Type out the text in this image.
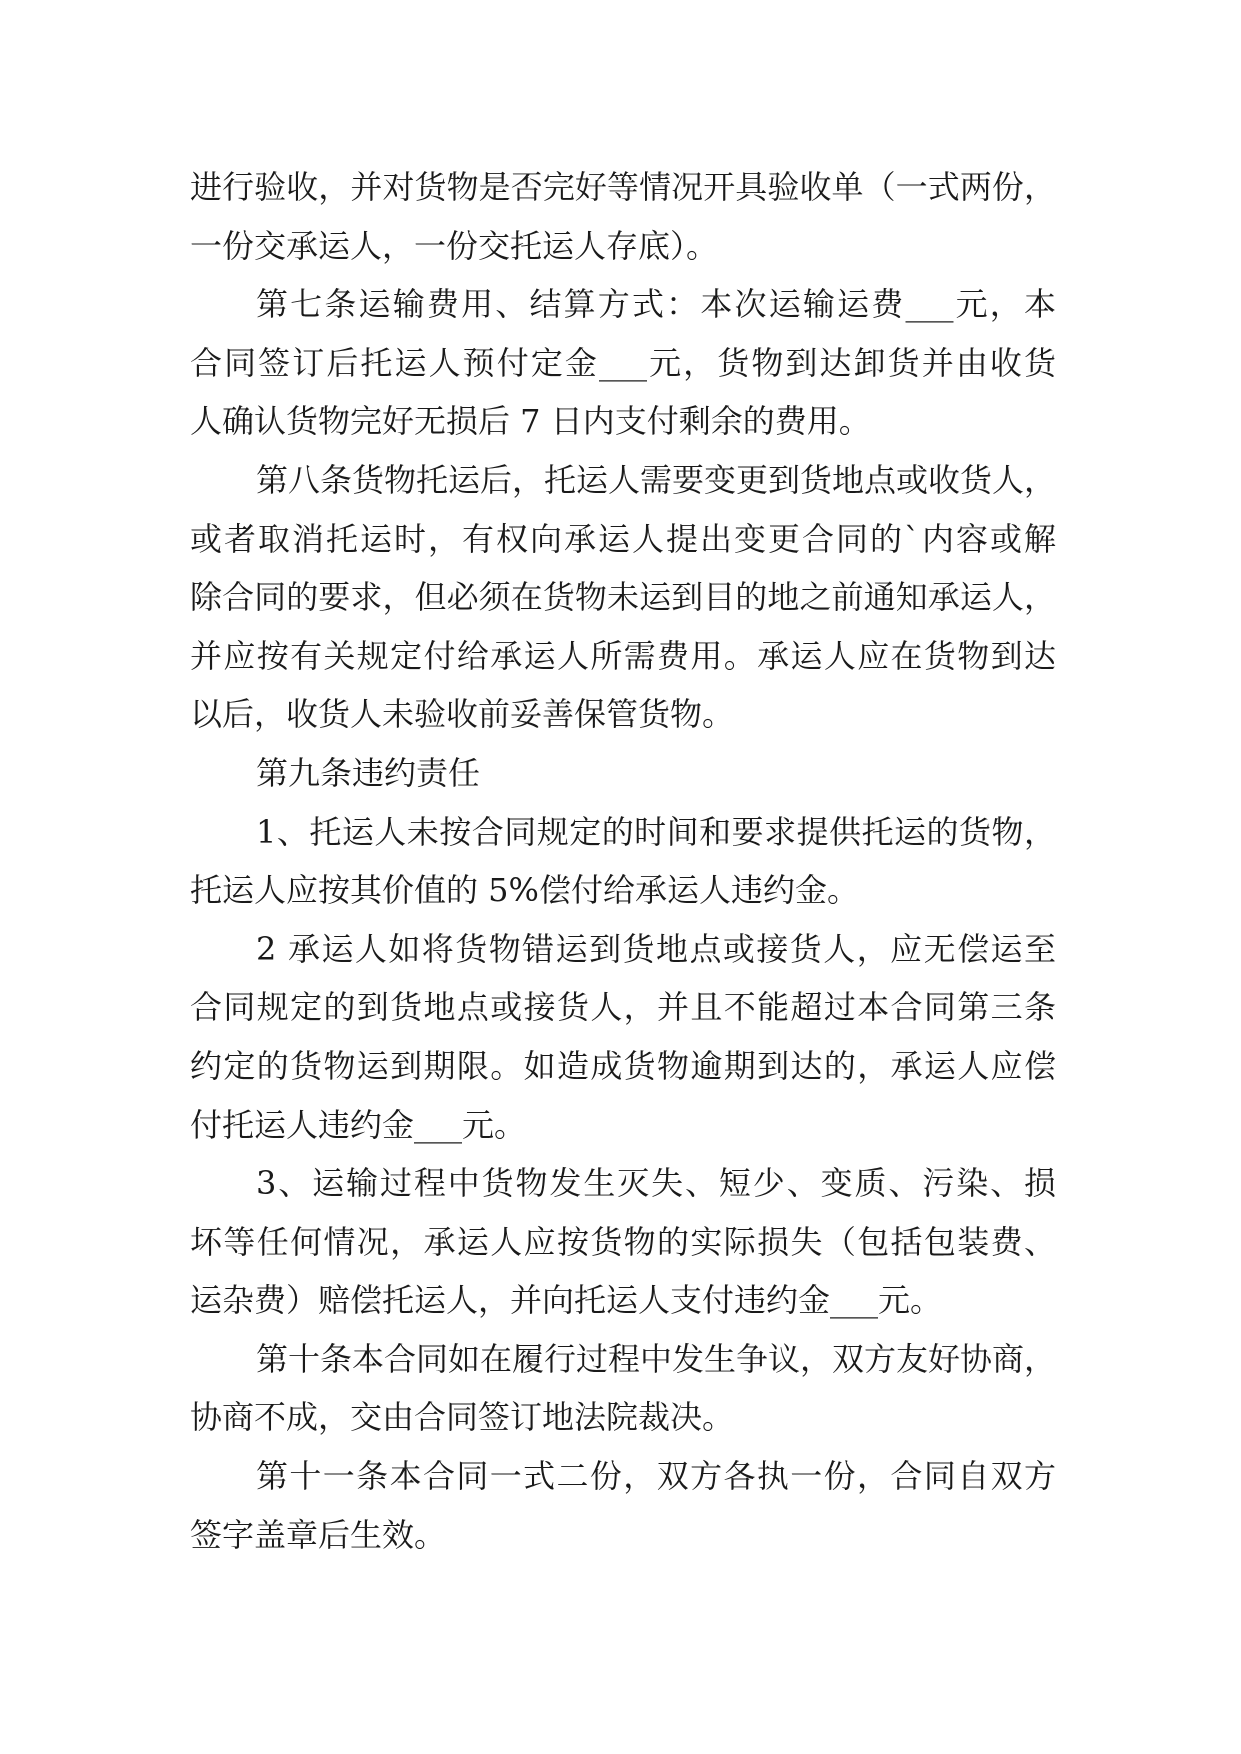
进行验收，并对货物是否完好等情况开具验收单（一式两份，
一份交承运人，一份交托运人存底）。
第七条运输费用、结算方式：本次运输运费___元，本
合同签订后托运人预付定金___元，货物到达卸货并由收货
人确认货物完好无损后 7 日内支付剩余的费用。
第八条货物托运后，托运人需要变更到货地点或收货人，
或者取消托运时，有权向承运人提出变更合同的`内容或解
除合同的要求，但必须在货物未运到目的地之前通知承运人，
并应按有关规定付给承运人所需费用。承运人应在货物到达
以后，收货人未验收前妥善保管货物。
第九条违约责任
1、托运人未按合同规定的时间和要求提供托运的货物，
托运人应按其价值的 5%偿付给承运人违约金。
2 承运人如将货物错运到货地点或接货人，应无偿运至
合同规定的到货地点或接货人，并且不能超过本合同第三条
约定的货物运到期限。如造成货物逾期到达的，承运人应偿
付托运人违约金___元。
3、运输过程中货物发生灭失、短少、变质、污染、损
坏等任何情况，承运人应按货物的实际损失（包括包装费、
运杂费）赔偿托运人，并向托运人支付违约金___元。
第十条本合同如在履行过程中发生争议，双方友好协商，
协商不成，交由合同签订地法院裁决。
第十一条本合同一式二份，双方各执一份，合同自双方
签字盖章后生效。
